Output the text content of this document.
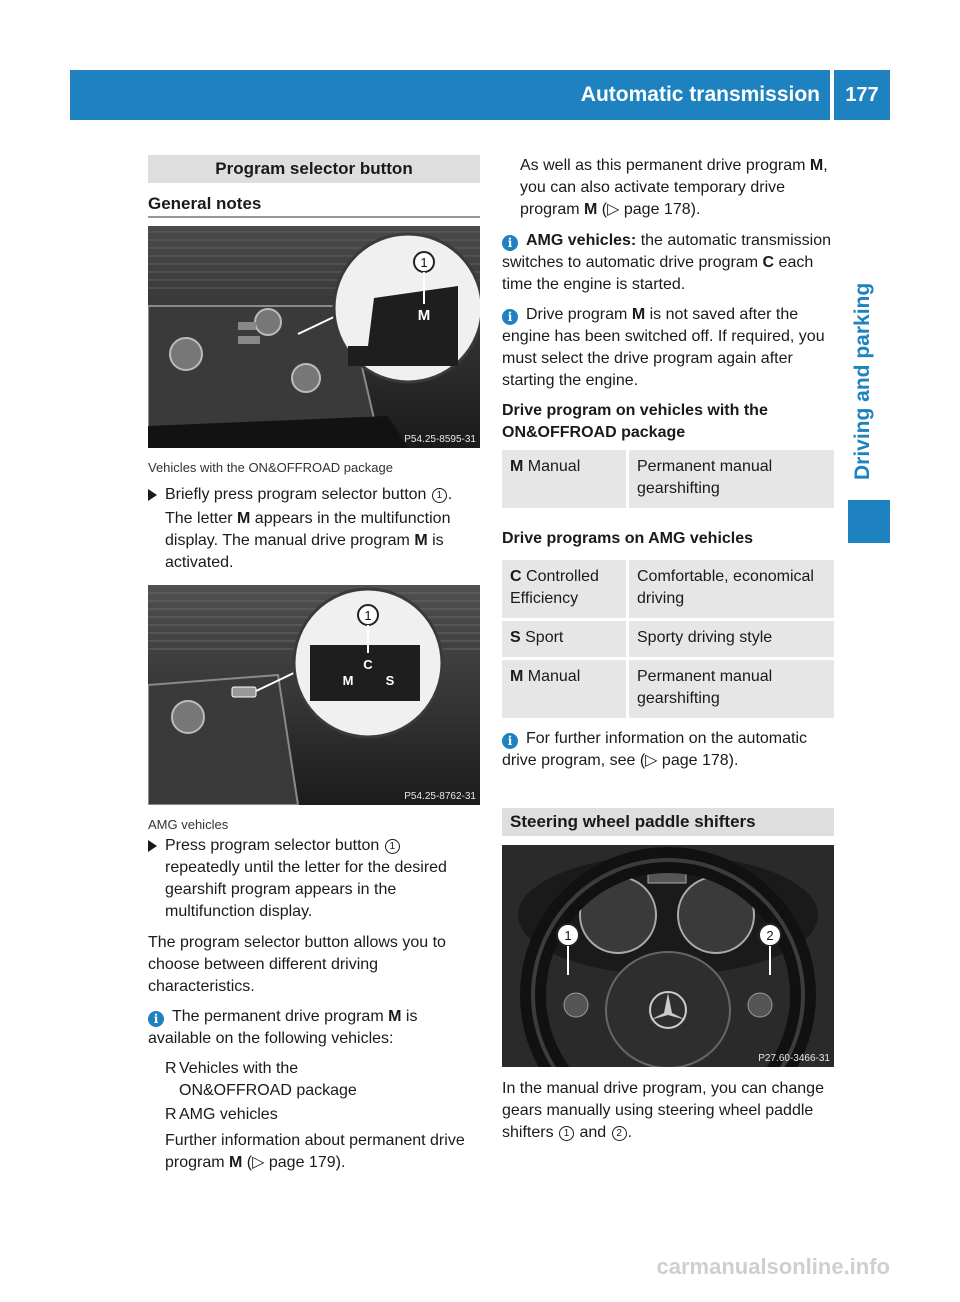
Automatic transmission	177
Driving and parking
Program selector button
General notes
1
M
P54.25-8595-31
Vehicles with the ON&OFFROAD package
Briefly press program selector button 1 .
The letter M appears in the multifunction display. The manual drive program M is activated.
1
C
M S
P54.25-8762-31
AMG vehicles
Press program selector button 1
repeatedly until the letter for the desired gearshift program appears in the multifunction display.
The program selector button allows you to choose between different driving characteristics.
i The permanent drive program M is available on the following vehicles:
R Vehicles with the ON&OFFROAD package
R AMG vehicles
Further information about permanent drive program M (▷ page 179).
As well as this permanent drive program M, you can also activate temporary drive program M (▷ page 178).
i AMG vehicles: the automatic transmission switches to automatic drive program C each time the engine is started.
i Drive program M is not saved after the engine has been switched off. If required, you must select the drive program again after starting the engine.
Drive program on vehicles with the ON&OFFROAD package
M Manual	Permanent manual gearshifting
Drive programs on AMG vehicles
C Controlled Efficiency	Comfortable, economical driving
S Sport	Sporty driving style
M Manual	Permanent manual gearshifting
i For further information on the automatic drive program, see (▷ page 178).
Steering wheel paddle shifters
1	2
P27.60-3466-31
In the manual drive program, you can change gears manually using steering wheel paddle shifters 1 and 2 .
carmanualsonline.info
